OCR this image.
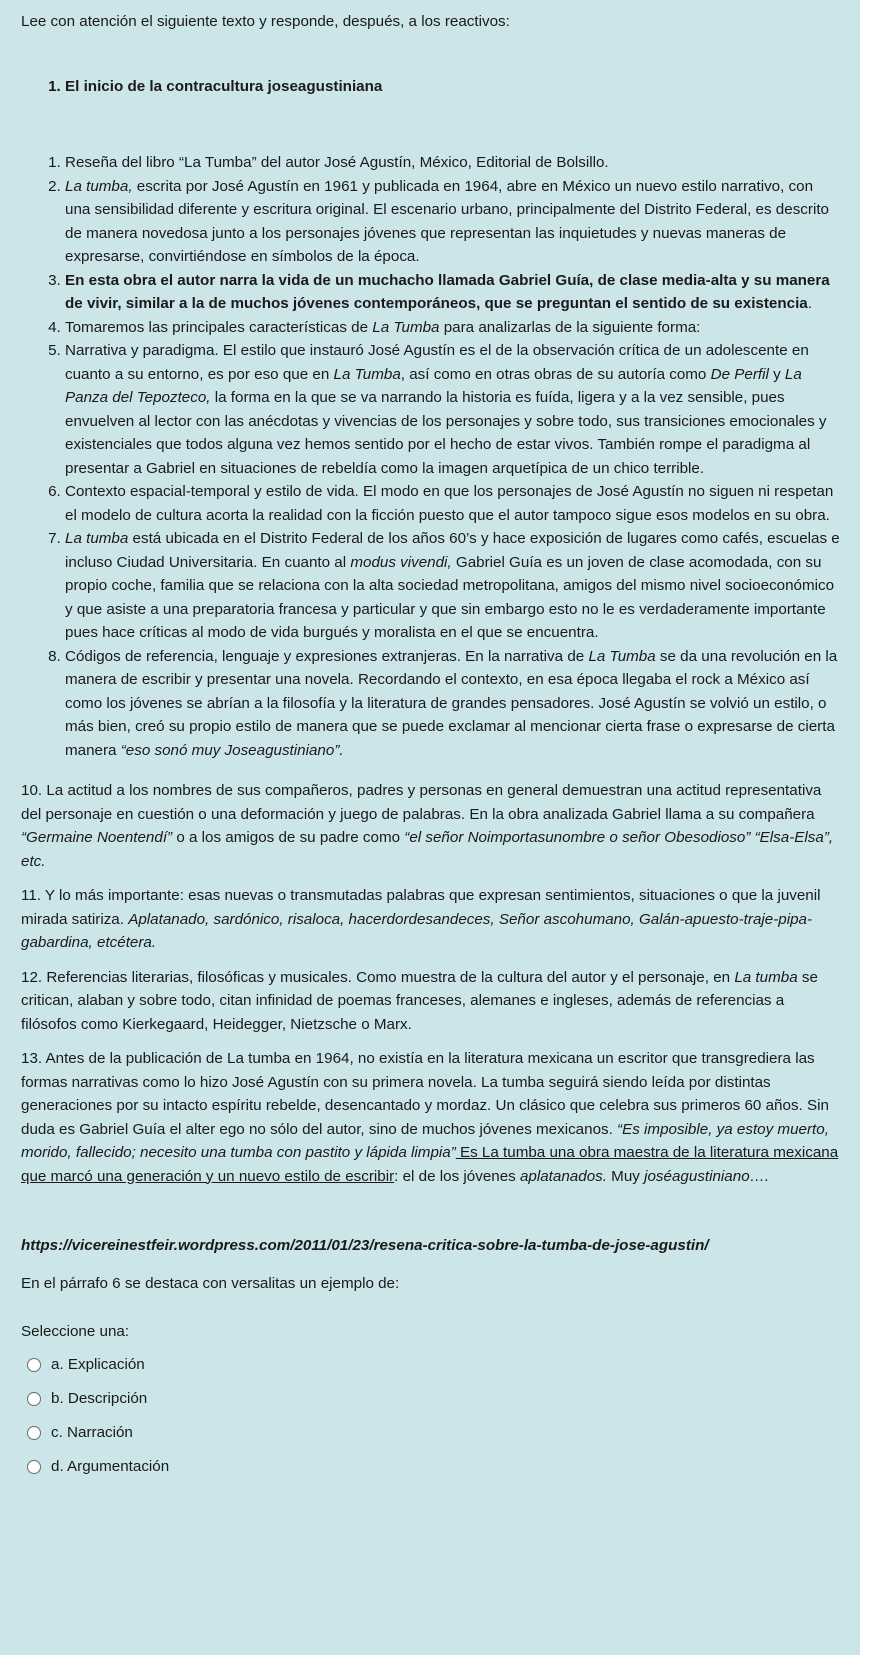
Lee con atención el siguiente texto y responde, después, a los reactivos:

1. El inicio de la contracultura joseagustiniana
1. Reseña del libro “La Tumba” del autor José Agustín, México, Editorial de Bolsillo.
2. La tumba, escrita por José Agustín en 1961 y publicada en 1964, abre en México un nuevo estilo narrativo, con una sensibilidad diferente y escritura original. El escenario urbano, principalmente del Distrito Federal, es descrito de manera novedosa junto a los personajes jóvenes que representan las inquietudes y nuevas maneras de expresarse, convirtiéndose en símbolos de la época.
3. En esta obra el autor narra la vida de un muchacho llamada Gabriel Guía, de clase media-alta y su manera de vivir, similar a la de muchos jóvenes contemporáneos, que se preguntan el sentido de su existencia.
4. Tomaremos las principales características de La Tumba para analizarlas de la siguiente forma:
5. Narrativa y paradigma. El estilo que instauró José Agustín es el de la observación crítica de un adolescente en cuanto a su entorno, es por eso que en La Tumba, así como en otras obras de su autoría como De Perfil y La Panza del Tepozteco, la forma en la que se va narrando la historia es fuída, ligera y a la vez sensible, pues envuelven al lector con las anécdotas y vivencias de los personajes y sobre todo, sus transiciones emocionales y existenciales que todos alguna vez hemos sentido por el hecho de estar vivos. También rompe el paradigma al presentar a Gabriel en situaciones de rebeldía como la imagen arquetípica de un chico terrible.
6. Contexto espacial-temporal y estilo de vida. El modo en que los personajes de José Agustín no siguen ni respetan el modelo de cultura acorta la realidad con la ficción puesto que el autor tampoco sigue esos modelos en su obra.
7. La tumba está ubicada en el Distrito Federal de los años 60’s y hace exposición de lugares como cafés, escuelas e incluso Ciudad Universitaria. En cuanto al modus vivendi, Gabriel Guía es un joven de clase acomodada, con su propio coche, familia que se relaciona con la alta sociedad metropolitana, amigos del mismo nivel socioeconómico y que asiste a una preparatoria francesa y particular y que sin embargo esto no le es verdaderamente importante pues hace críticas al modo de vida burgués y moralista en el que se encuentra.
8. Códigos de referencia, lenguaje y expresiones extranjeras. En la narrativa de La Tumba se da una revolución en la manera de escribir y presentar una novela. Recordando el contexto, en esa época llegaba el rock a México así como los jóvenes se abrían a la filosofía y la literatura de grandes pensadores. José Agustín se volvió un estilo, o más bien, creó su propio estilo de manera que se puede exclamar al mencionar cierta frase o expresarse de cierta manera “eso sonó muy Joseagustiniano”.

10. La actitud a los nombres de sus compañeros, padres y personas en general demuestran una actitud representativa del personaje en cuestión o una deformación y juego de palabras. En la obra analizada Gabriel llama a su compañera “Germaine Noentendí” o a los amigos de su padre como “el señor Noimportasunombre o señor Obesodioso” “Elsa-Elsa”, etc.

11. Y lo más importante: esas nuevas o transmutadas palabras que expresan sentimientos, situaciones o que la juvenil mirada satiriza. Aplatanado, sardónico, risaloca, hacerdordesandeces, Señor ascohumano, Galán-apuesto-traje-pipa-gabardina, etcétera.

12. Referencias literarias, filosóficas y musicales. Como muestra de la cultura del autor y el personaje, en La tumba se critican, alaban y sobre todo, citan infinidad de poemas franceses, alemanes e ingleses, además de referencias a filósofos como Kierkegaard, Heidegger, Nietzsche o Marx.

13. Antes de la publicación de La tumba en 1964, no existía en la literatura mexicana un escritor que transgrediera las formas narrativas como lo hizo José Agustín con su primera novela. La tumba seguirá siendo leída por distintas generaciones por su intacto espíritu rebelde, desencantado y mordaz. Un clásico que celebra sus primeros 60 años. Sin duda es Gabriel Guía el alter ego no sólo del autor, sino de muchos jóvenes mexicanos. “Es imposible, ya estoy muerto, morido, fallecido; necesito una tumba con pastito y lápida limpia” Es La tumba una obra maestra de la literatura mexicana que marcó una generación y un nuevo estilo de escribir: el de los jóvenes aplatanados. Muy joséagustiniano….

https://vicereinestfeir.wordpress.com/2011/01/23/resena-critica-sobre-la-tumba-de-jose-agustin/

En el párrafo 6 se destaca con versalitas un ejemplo de:

Seleccione una:

a. Explicación
b. Descripción
c. Narración
d. Argumentación
